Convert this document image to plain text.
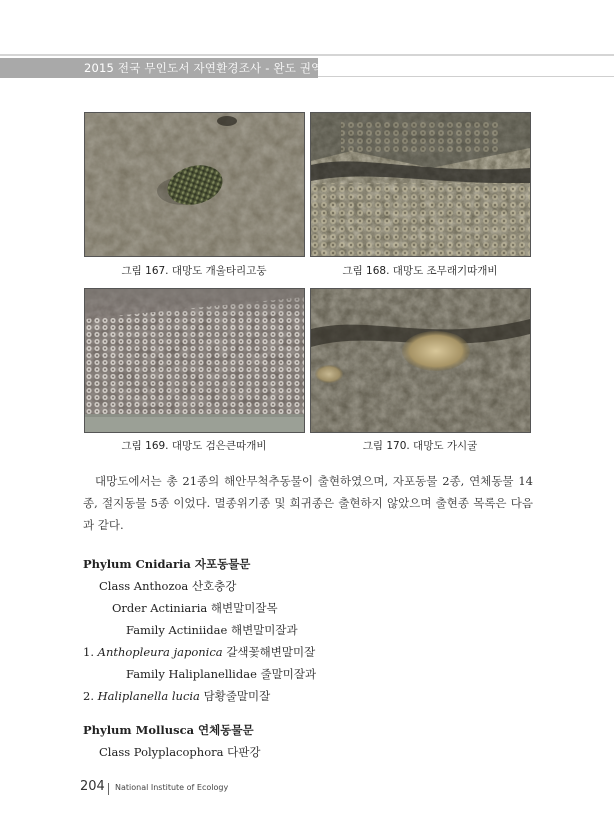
2015 전국 무인도서 자연환경조사 - 완도 권역
그림 167. 대망도 개울타리고둥	그림 168. 대망도 조무래기따개비
그림 169. 대망도 검은큰따개비	그림 170. 대망도 가시굴

대망도에서는 총 21종의 해안무척추동물이 출현하였으며, 자포동물 2종, 연체동물 14종, 절지동물 5종 이었다. 멸종위기종 및 희귀종은 출현하지 않았으며 출현종 목록은 다음과 같다.

Phylum Cnidaria 자포동물문
Class Anthozoa 산호충강
Order Actiniaria 해변말미잘목
Family Actiniidae 해변말미잘과
1. Anthopleura japonica 갈색꽃해변말미잘
Family Haliplanellidae 줄말미잘과
2. Haliplanella lucia 담황줄말미잘
Phylum Mollusca 연체동물문
Class Polyplacophora 다판강
204 National Institute of Ecology
